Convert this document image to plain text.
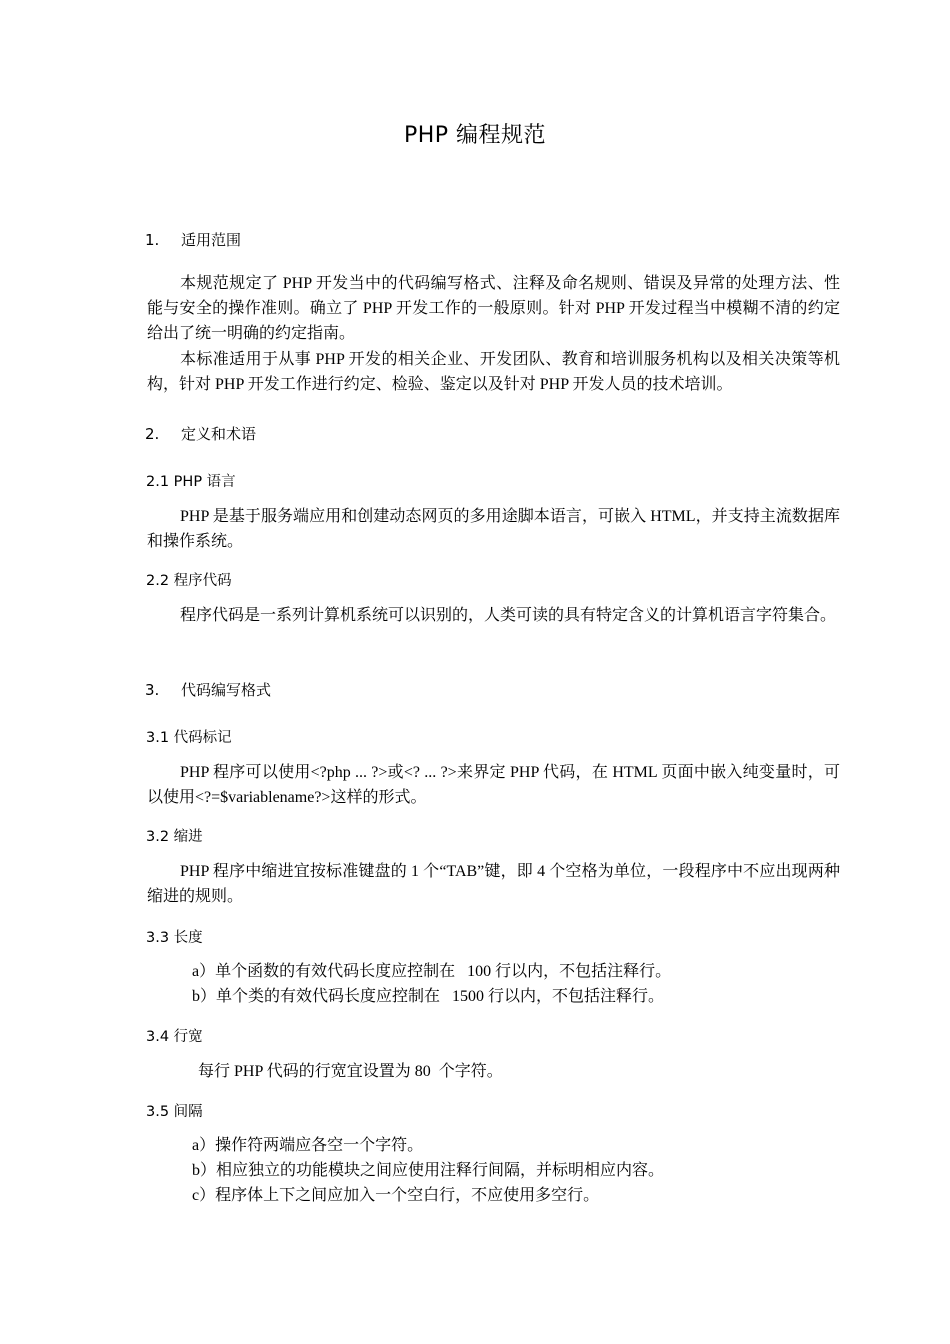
PHP 编程规范
1. 适用范围
本规范规定了 PHP 开发当中的代码编写格式、注释及命名规则、错误及异常的处理方法、性能与安全的操作准则。确立了 PHP 开发工作的一般原则。针对 PHP 开发过程当中模糊不清的约定给出了统一明确的约定指南。
本标准适用于从事 PHP 开发的相关企业、开发团队、教育和培训服务机构以及相关决策等机构，针对 PHP 开发工作进行约定、检验、鉴定以及针对 PHP 开发人员的技术培训。
2. 定义和术语
2.1 PHP 语言
PHP 是基于服务端应用和创建动态网页的多用途脚本语言，可嵌入 HTML，并支持主流数据库和操作系统。
2.2 程序代码
程序代码是一系列计算机系统可以识别的，人类可读的具有特定含义的计算机语言字符集合。
3. 代码编写格式
3.1 代码标记
PHP 程序可以使用<?php ... ?>或<? ... ?>来界定 PHP 代码，在 HTML 页面中嵌入纯变量时，可以使用<?=$variablename?>这样的形式。
3.2 缩进
PHP 程序中缩进宜按标准键盘的 1 个“TAB”键，即 4 个空格为单位，一段程序中不应出现两种缩进的规则。
3.3 长度
a）单个函数的有效代码长度应控制在   100 行以内，不包括注释行。
b）单个类的有效代码长度应控制在   1500 行以内，不包括注释行。
3.4 行宽
每行 PHP 代码的行宽宜设置为 80  个字符。
3.5 间隔
a）操作符两端应各空一个字符。
b）相应独立的功能模块之间应使用注释行间隔，并标明相应内容。
c）程序体上下之间应加入一个空白行，不应使用多空行。
